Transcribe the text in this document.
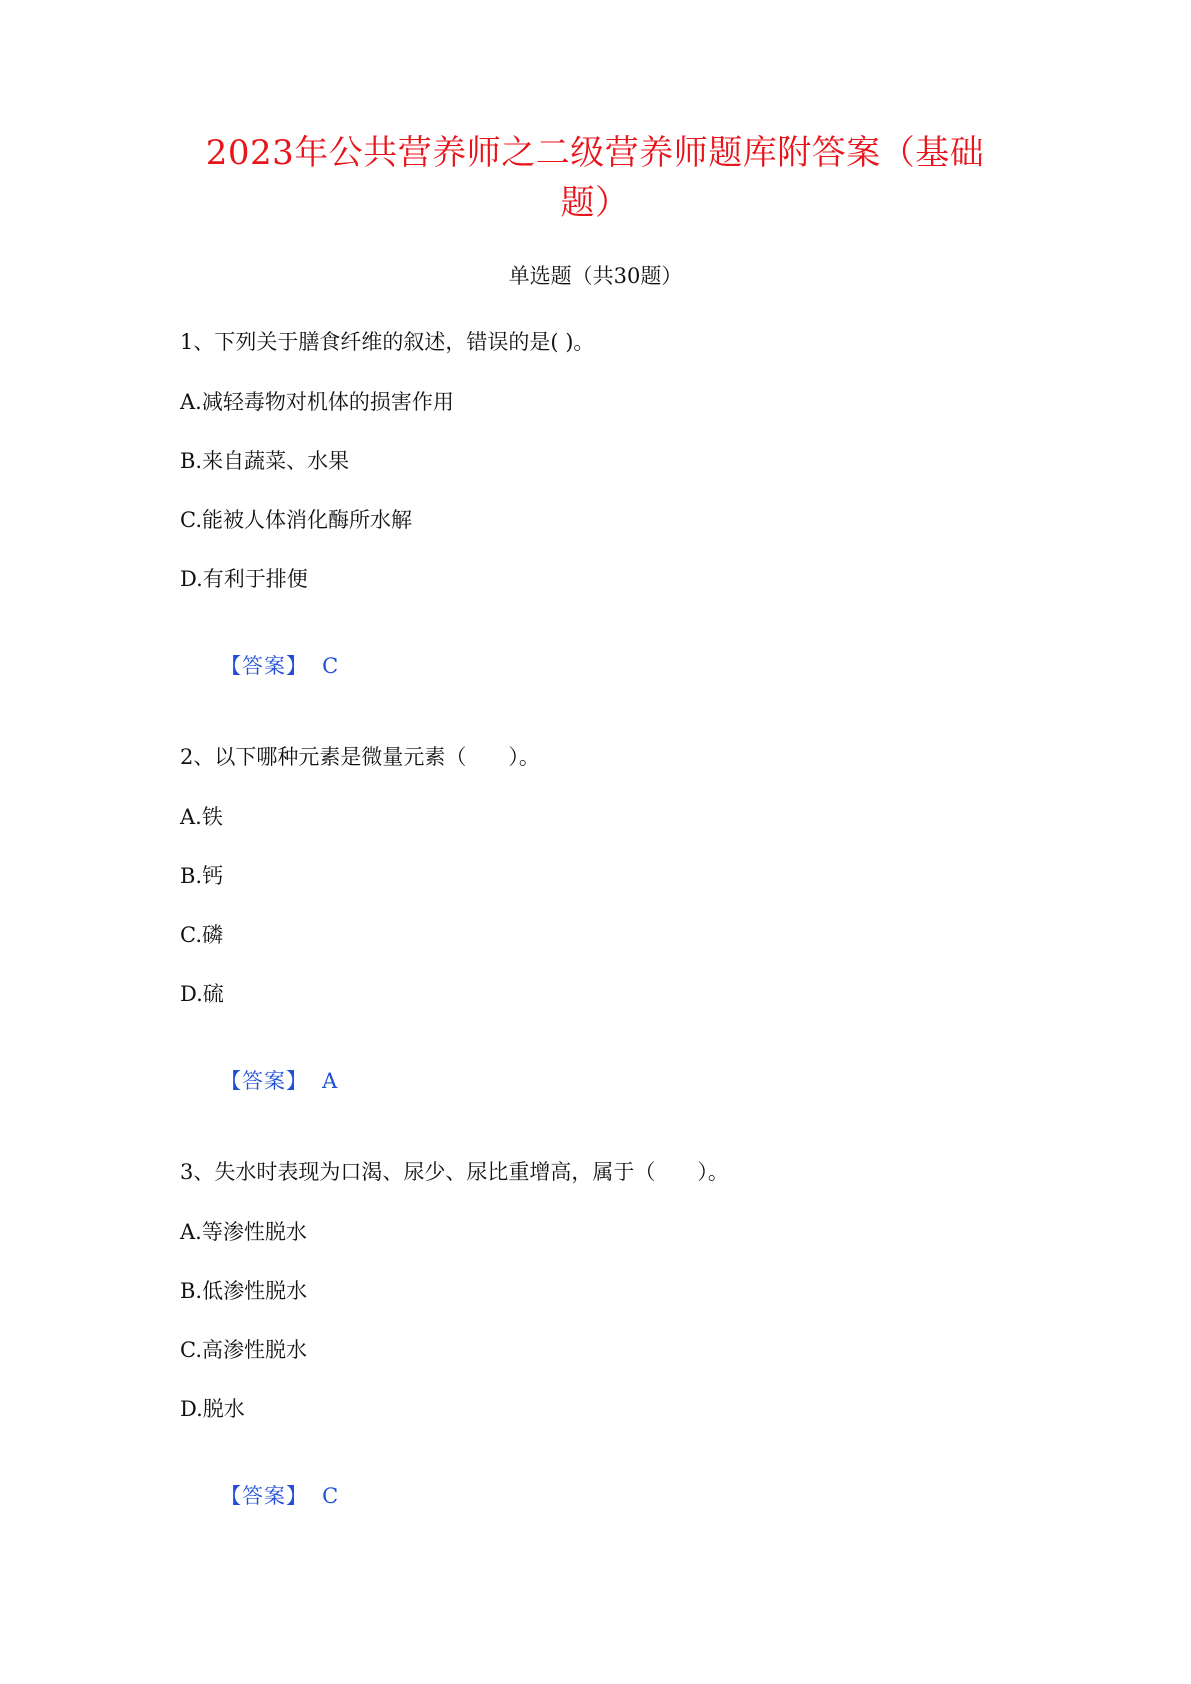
2023年公共营养师之二级营养师题库附答案（基础题）
单选题（共30题）
1、下列关于膳食纤维的叙述，错误的是( )。
A.减轻毒物对机体的损害作用
B.来自蔬菜、水果
C.能被人体消化酶所水解
D.有利于排便

【答案】 C

2、以下哪种元素是微量元素（　　）。
A.铁
B.钙
C.磷
D.硫

【答案】 A

3、失水时表现为口渴、尿少、尿比重增高，属于（　　）。
A.等渗性脱水
B.低渗性脱水
C.高渗性脱水
D.脱水

【答案】 C
